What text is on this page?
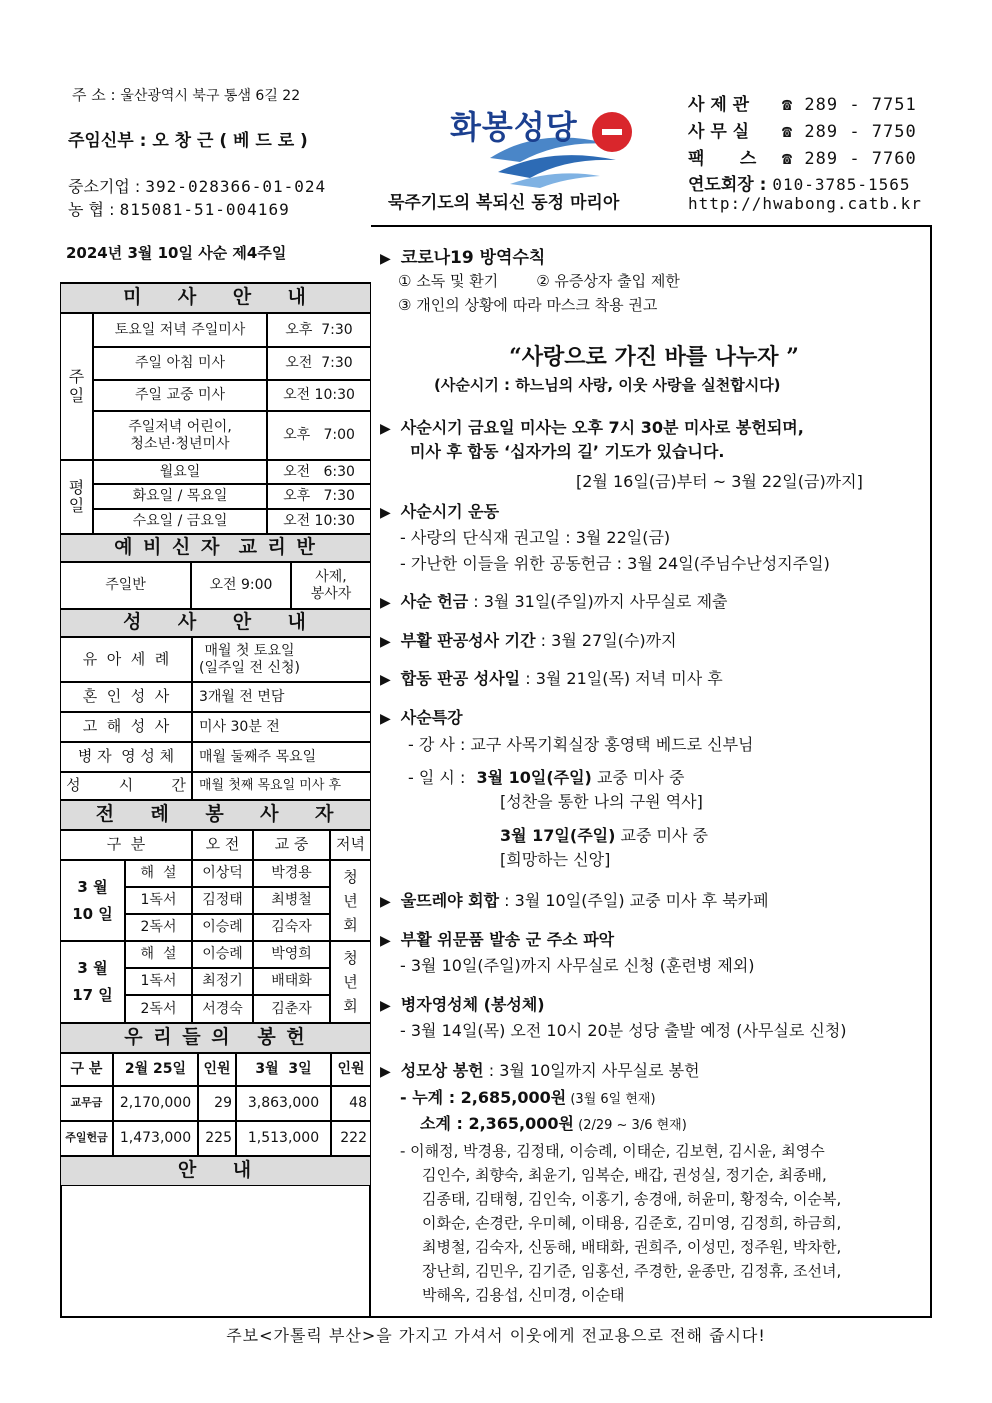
주 소 : 울산광역시 북구 통샘 6길 22
주임신부 : 오 창 근 ( 베 드 로 )
중소기업 : 392-028366-01-024
농 협 : 815081-51-004169
화봉성당
묵주기도의 복되신 동정 마리아
사 제 관 ☎ 289 - 7751
사 무 실 ☎ 289 - 7750
팩      스 ☎ 289 - 7760
연도회장 : 010-3785-1565
http://hwabong.catb.kr
2024년 3월 10일 사순 제4주일
미    사    안    내
주일
토요일 저녁 주일미사	오후  7:30
주일 아침 미사	오전  7:30
주일 교중 미사	오전 10:30
주일저녁 어린이,
청소년·청년미사
오후   7:00
평일
월요일	오전   6:30
화요일 / 목요일	오후   7:30
수요일 / 금요일	오전 10:30
예 비 신 자  교 리 반
주일반	오전 9:00
사제,
봉사자
성    사    안    내
유  아  세  례	매월 첫 토요일
(일주일 전 신청)
혼  인  성  사	3개월 전 면담
고  해  성  사	미사 30분 전
병 자  영 성 체	매월 둘째주 목요일
성        시        간	매월 첫째 목요일 미사 후
전    례    봉    사    자
구  분	오 전	교 중	저녁
3 월
10 일
해  설	이상덕	박경용
1독서	김정태	최병철
2독서	이승례	김숙자
청
년
회
3 월
17 일
해  설	이승례	박영희
1독서	최정기	배태화
2독서	서경숙	김춘자
청
년
회
우 리 들 의   봉 헌
구 분	2월 25일	인원	3월  3일	인원
교무금	2,170,000	29	3,863,000	48
주일헌금 1,473,000	225	1,513,000	222
안    내
▶ 코로나19 방역수칙
① 소독 및 환기	② 유증상자 출입 제한
③ 개인의 상황에 따라 마스크 착용 권고
“사랑으로 가진 바를 나누자 ”
(사순시기 : 하느님의 사랑, 이웃 사랑을 실천합시다)
▶ 사순시기 금요일 미사는 오후 7시 30분 미사로 봉헌되며,
미사 후 합동 ‘십자가의 길’ 기도가 있습니다.
[2월 16일(금)부터 ~ 3월 22일(금)까지]
▶ 사순시기 운동
- 사랑의 단식재 권고일 : 3월 22일(금)
- 가난한 이들을 위한 공동헌금 : 3월 24일(주님수난성지주일)
▶ 사순 헌금 : 3월 31일(주일)까지 사무실로 제출
▶ 부활 판공성사 기간 : 3월 27일(수)까지
▶ 합동 판공 성사일 : 3월 21일(목) 저녁 미사 후
▶ 사순특강
- 강 사 : 교구 사목기획실장 홍영택 베드로 신부님
- 일 시 : 3월 10일(주일) 교중 미사 중
[성찬을 통한 나의 구원 역사]
3월 17일(주일) 교중 미사 중
[희망하는 신앙]
▶ 울뜨레야 회합 : 3월 10일(주일) 교중 미사 후 북카페
▶ 부활 위문품 발송 군 주소 파악
- 3월 10일(주일)까지 사무실로 신청 (훈련병 제외)
▶ 병자영성체 (봉성체)
- 3월 14일(목) 오전 10시 20분 성당 출발 예정 (사무실로 신청)
▶ 성모상 봉헌 : 3월 10일까지 사무실로 봉헌
- 누계 : 2,685,000원 (3월 6일 현재)
소계 : 2,365,000원 (2/29 ~ 3/6 현재)
- 이해정, 박경용, 김정태, 이승례, 이태순, 김보현, 김시윤, 최영수
김인수, 최향숙, 최윤기, 임복순, 배갑, 권성실, 정기순, 최종배,
김종태, 김태형, 김인숙, 이홍기, 송경애, 허윤미, 황정숙, 이순복,
이화순, 손경란, 우미혜, 이태용, 김준호, 김미영, 김정희, 하금희,
최병철, 김숙자, 신동해, 배태화, 권희주, 이성민, 정주원, 박차한,
장난희, 김민우, 김기준, 임홍선, 주경한, 윤종만, 김정휴, 조선녀,
박해옥, 김용섭, 신미경, 이순태
주보<가톨릭 부산>을 가지고 가셔서 이웃에게 전교용으로 전해 줍시다!
